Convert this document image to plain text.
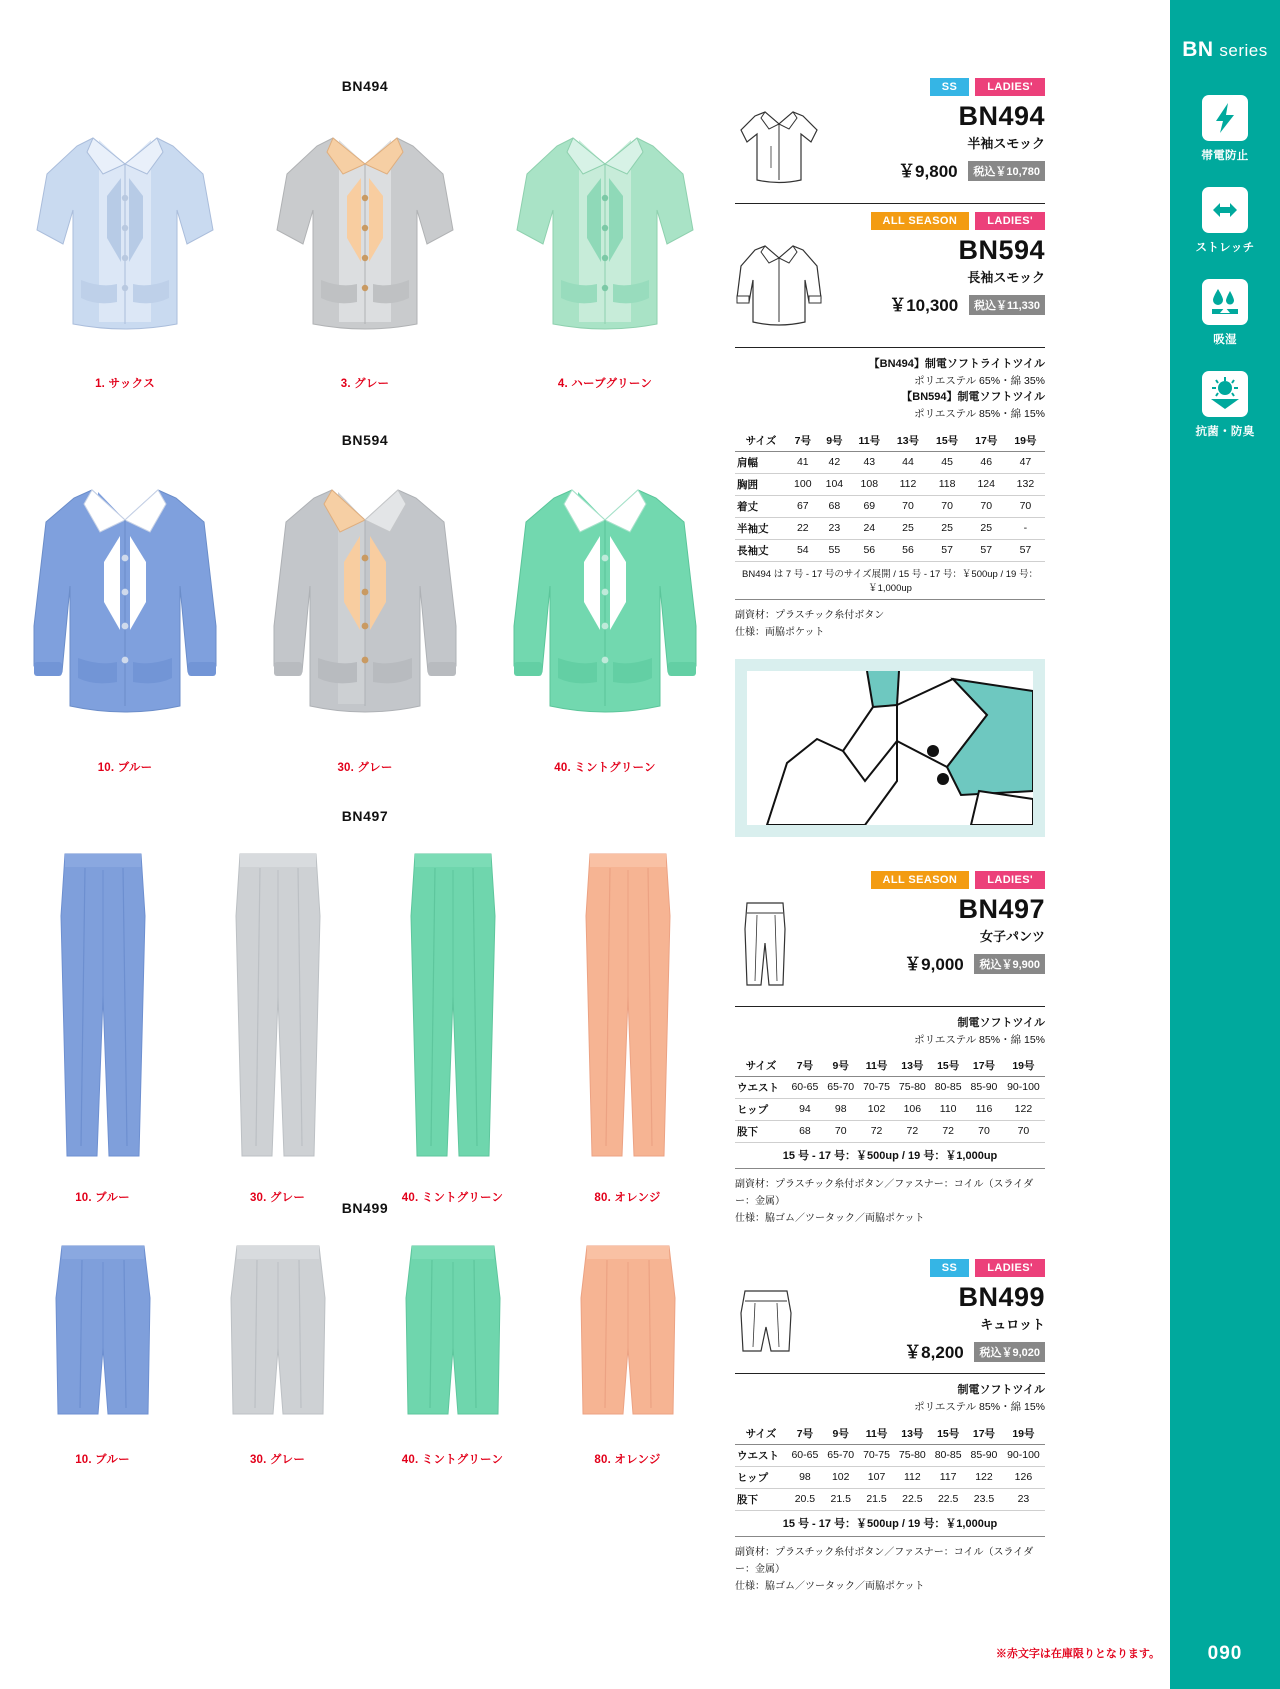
BN494
1. サックス	3. グレー	4. ハーブグリーン
BN594
10. ブルー	30. グレー	40. ミントグリーン
BN497
10. ブルー	30. グレー	40. ミントグリーン	80. オレンジ
BN499
10. ブルー	30. グレー	40. ミントグリーン	80. オレンジ
SS	LADIES'
BN494
半袖スモック
￥9,800 税込￥10,780
ALL SEASON	LADIES'
BN594
長袖スモック
￥10,300 税込￥11,330
【BN494】制電ソフトライトツイル
ポリエステル 65%・綿 35%
【BN594】制電ソフトツイル
ポリエステル 85%・綿 15%
サイズ	7号	9号	11号	13号	15号	17号	19号
肩幅	41	42	43	44	45	46	47
胸囲	100	104	108	112	118	124	132
着丈	67	68	69	70	70	70	70
半袖丈	22	23	24	25	25	25	-
長袖丈	54	55	56	56	57	57	57
BN494 は 7 号 - 17 号のサイズ展開 / 15 号 - 17 号：￥500up / 19 号：￥1,000up
副資材：プラスチック糸付ボタン
仕様：両脇ポケット
ALL SEASON	LADIES'
BN497
女子パンツ
￥9,000 税込￥9,900
制電ソフトツイル
ポリエステル 85%・綿 15%
サイズ	7号	9号	11号	13号	15号	17号	19号
ウエスト	60-65	65-70	70-75	75-80	80-85	85-90	90-100
ヒップ	94	98	102	106	110	116	122
股下	68	70	72	72	72	70	70
15 号 - 17 号：￥500up / 19 号：￥1,000up
副資材：プラスチック糸付ボタン／ファスナー：コイル（スライダー：金属）
仕様：脇ゴム／ツータック／両脇ポケット
SS	LADIES'
BN499
キュロット
￥8,200 税込￥9,020
制電ソフトツイル
ポリエステル 85%・綿 15%
サイズ	7号	9号	11号	13号	15号	17号	19号
ウエスト	60-65	65-70	70-75	75-80	80-85	85-90	90-100
ヒップ	98	102	107	112	117	122	126
股下	20.5	21.5	21.5	22.5	22.5	23.5	23
15 号 - 17 号：￥500up / 19 号：￥1,000up
副資材：プラスチック糸付ボタン／ファスナー：コイル（スライダー：金属）
仕様：脇ゴム／ツータック／両脇ポケット
※赤文字は在庫限りとなります。
BN series
帯電防止
ストレッチ
吸湿
抗菌・防臭
090
